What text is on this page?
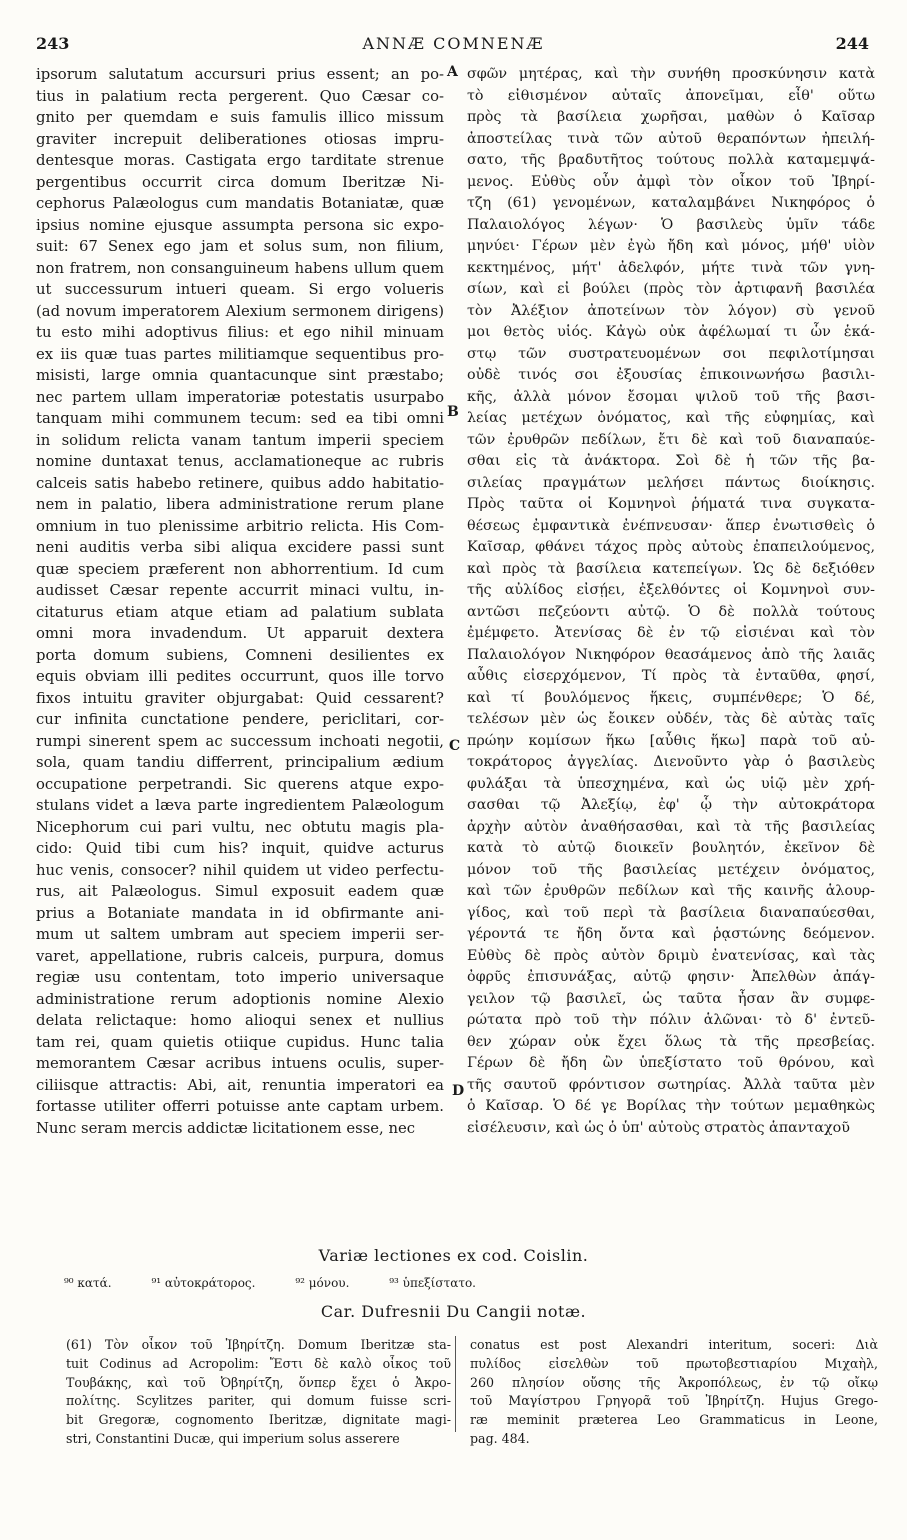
243	ANNÆ COMNENÆ	244
ipsorum salutatum accursuri prius essent; an po-
tius in palatium recta pergerent. Quo Cæsar co-
gnito per quemdam e suis famulis illico missum
graviter increpuit deliberationes otiosas impru-
dentesque moras. Castigata ergo tarditate strenue
pergentibus occurrit circa domum Iberitzæ Ni-
cephorus Palæologus cum mandatis Botaniatæ, quæ
ipsius nomine ejusque assumpta persona sic expo-
suit: 67 Senex ego jam et solus sum, non filium,
non fratrem, non consanguineum habens ullum quem
ut successurum intueri queam. Si ergo volueris
(ad novum imperatorem Alexium sermonem dirigens)
tu esto mihi adoptivus filius: et ego nihil minuam
ex iis quæ tuas partes militiamque sequentibus pro-
misisti, large omnia quantacunque sint præstabo;
nec partem ullam imperatoriæ potestatis usurpabo
tanquam mihi communem tecum: sed ea tibi omni
in solidum relicta vanam tantum imperii speciem
nomine duntaxat tenus, acclamationeque ac rubris
calceis satis habebo retinere, quibus addo habitatio-
nem in palatio, libera administratione rerum plane
omnium in tuo plenissime arbitrio relicta. His Com-
neni auditis verba sibi aliqua excidere passi sunt
quæ speciem præferent non abhorrentium. Id cum
audisset Cæsar repente accurrit minaci vultu, in-
citaturus etiam atque etiam ad palatium sublata
omni mora invadendum. Ut apparuit dextera
porta domum subiens, Comneni desilientes ex
equis obviam illi pedites occurrunt, quos ille torvo
fixos intuitu graviter objurgabat: Quid cessarent?
cur infinita cunctatione pendere, periclitari, cor-
rumpi sinerent spem ac successum inchoati negotii,
sola, quam tandiu differrent, principalium ædium
occupatione perpetrandi. Sic querens atque expo-
stulans videt a læva parte ingredientem Palæologum
Nicephorum cui pari vultu, nec obtutu magis pla-
cido: Quid tibi cum his? inquit, quidve acturus
huc venis, consocer? nihil quidem ut video perfectu-
rus, ait Palæologus. Simul exposuit eadem quæ
prius a Botaniate mandata in id obfirmante ani-
mum ut saltem umbram aut speciem imperii ser-
varet, appellatione, rubris calceis, purpura, domus
regiæ usu contentam, toto imperio universaque
administratione rerum adoptionis nomine Alexio
delata relictaque: homo alioqui senex et nullius
tam rei, quam quietis otiique cupidus. Hunc talia
memorantem Cæsar acribus intuens oculis, super-
ciliisque attractis: Abi, ait, renuntia imperatori ea
fortasse utiliter offerri potuisse ante captam urbem.
Nunc seram mercis addictæ licitationem esse, nec
σφῶν μητέρας, καὶ τὴν συνήθη προσκύνησιν κατὰ
τὸ εἰθισμένον αὐταῖς ἀπονεῖμαι, εἶθ' οὕτω
πρὸς τὰ βασίλεια χωρῆσαι, μαθὼν ὁ Καῖσαρ
ἀποστείλας τινὰ τῶν αὐτοῦ θεραπόντων ἠπειλή-
σατο, τῆς βραδυτῆτος τούτους πολλὰ καταμεμψά-
μενος. Εὐθὺς οὖν ἀμφὶ τὸν οἶκον τοῦ Ἰβηρί-
τζη (61) γενομένων, καταλαμβάνει Νικηφόρος ὁ
Παλαιολόγος λέγων· Ὁ βασιλεὺς ὑμῖν τάδε
μηνύει· Γέρων μὲν ἐγὼ ἤδη καὶ μόνος, μήθ' υἱὸν
κεκτημένος, μήτ' ἀδελφόν, μήτε τινὰ τῶν γνη-
σίων, καὶ εἰ βούλει (πρὸς τὸν ἀρτιφανῆ βασιλέα
τὸν Ἀλέξιον ἀποτείνων τὸν λόγον) σὺ γενοῦ
μοι θετὸς υἱός. Κἀγὼ οὐκ ἀφέλωμαί τι ὧν ἑκά-
στῳ τῶν συστρατευομένων σοι πεφιλοτίμησαι
οὐδὲ τινός σοι ἐξουσίας ἐπικοινωνήσω βασιλι-
κῆς, ἀλλὰ μόνον ἔσομαι ψιλοῦ τοῦ τῆς βασι-
λείας μετέχων ὀνόματος, καὶ τῆς εὐφημίας, καὶ
τῶν ἐρυθρῶν πεδίλων, ἔτι δὲ καὶ τοῦ διαναπαύε-
σθαι εἰς τὰ ἀνάκτορα. Σοὶ δὲ ἡ τῶν τῆς βα-
σιλείας πραγμάτων μελήσει πάντως διοίκησις.
Πρὸς ταῦτα οἱ Κομνηνοὶ ῥήματά τινα συγκατα-
θέσεως ἐμφαντικὰ ἐνέπνευσαν· ἅπερ ἐνωτισθεὶς ὁ
Καῖσαρ, φθάνει τάχος πρὸς αὐτοὺς ἐπαπειλούμενος,
καὶ πρὸς τὰ βασίλεια κατεπείγων. Ὡς δὲ δεξιόθεν
τῆς αὐλίδος εἰσῄει, ἐξελθόντες οἱ Κομνηνοὶ συν-
αντῶσι πεζεύοντι αὐτῷ. Ὁ δὲ πολλὰ τούτους
ἐμέμφετο. Ἀτενίσας δὲ ἐν τῷ εἰσιέναι καὶ τὸν
Παλαιολόγον Νικηφόρον θεασάμενος ἀπὸ τῆς λαιᾶς
αὖθις εἰσερχόμενον, Τί πρὸς τὰ ἐνταῦθα, φησί,
καὶ τί βουλόμενος ἥκεις, συμπένθερε; Ὁ δέ,
τελέσων μὲν ὡς ἔοικεν οὐδέν, τὰς δὲ αὐτὰς ταῖς
πρώην κομίσων ἥκω [αὖθις ἥκω] παρὰ τοῦ αὐ-
τοκράτορος ἀγγελίας. Διενοῦντο γὰρ ὁ βασιλεὺς
φυλάξαι τὰ ὑπεσχημένα, καὶ ὡς υἱῷ μὲν χρή-
σασθαι τῷ Ἀλεξίῳ, ἐφ' ᾧ τὴν αὐτοκράτορα
ἀρχὴν αὐτὸν ἀναθήσασθαι, καὶ τὰ τῆς βασιλείας
κατὰ τὸ αὐτῷ διοικεῖν βουλητόν, ἐκεῖνον δὲ
μόνον τοῦ τῆς βασιλείας μετέχειν ὀνόματος,
καὶ τῶν ἐρυθρῶν πεδίλων καὶ τῆς καινῆς ἁλουρ-
γίδος, καὶ τοῦ περὶ τὰ βασίλεια διαναπαύεσθαι,
γέροντά τε ἤδη ὄντα καὶ ῥᾳστώνης δεόμενον.
Εὐθὺς δὲ πρὸς αὐτὸν δριμὺ ἐνατενίσας, καὶ τὰς
ὀφρῦς ἐπισυνάξας, αὐτῷ φησιν· Ἀπελθὼν ἀπάγ-
γειλον τῷ βασιλεῖ, ὡς ταῦτα ἦσαν ἂν συμφε-
ρώτατα πρὸ τοῦ τὴν πόλιν ἁλῶναι· τὸ δ' ἐντεῦ-
θεν χώραν οὐκ ἔχει ὅλως τὰ τῆς πρεσβείας.
Γέρων δὲ ἤδη ὢν ὑπεξίστατο τοῦ θρόνου, καὶ
τῆς σαυτοῦ φρόντισον σωτηρίας. Ἀλλὰ ταῦτα μὲν
ὁ Καῖσαρ. Ὁ δέ γε Βορίλας τὴν τούτων μεμαθηκὼς
εἰσέλευσιν, καὶ ὡς ὁ ὑπ' αὐτοὺς στρατὸς ἁπανταχοῦ
A
B
C
D
Variæ lectiones ex cod. Coislin.
⁹⁰ κατά.	⁹¹ αὐτοκράτορος.	⁹² μόνου.	⁹³ ὑπεξίστατο.
Car. Dufresnii Du Cangii notæ.
(61) Τὸν οἶκον τοῦ Ἰβηρίτζη. Domum Iberitzæ sta-
tuit Codinus ad Acropolim: Ἔστι δὲ καλὸ οἶκος τοῦ
Τουβάκης, καὶ τοῦ Ὀβηρίτζη, ὅνπερ ἔχει ὁ Ἀκρο-
πολίτης. Scylitzes pariter, qui domum fuisse scri-
bit Gregoræ, cognomento Iberitzæ, dignitate magi-
stri, Constantini Ducæ, qui imperium solus asserere
conatus est post Alexandri interitum, soceri: Διὰ
πυλίδος εἰσελθὼν τοῦ πρωτοβεστιαρίου Μιχαὴλ,
260 πλησίον οὔσης τῆς Ἀκροπόλεως, ἐν τῷ οἴκῳ
τοῦ Μαγίστρου Γρηγορᾶ τοῦ Ἰβηρίτζη. Hujus Grego-
ræ meminit præterea Leo Grammaticus in Leone,
pag. 484.
